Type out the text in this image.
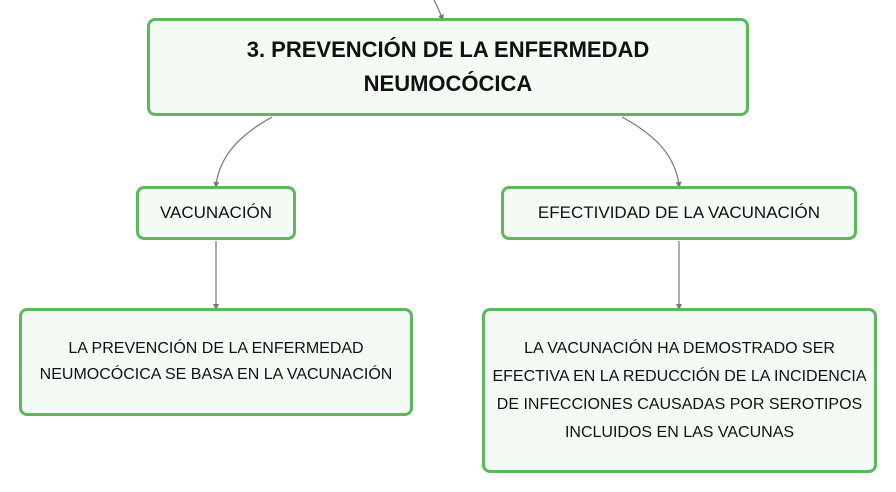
3. PREVENCIÓN DE LA ENFERMEDAD NEUMOCÓCICA
VACUNACIÓN	EFECTIVIDAD DE LA VACUNACIÓN
LA PREVENCIÓN DE LA ENFERMEDAD NEUMOCÓCICA SE BASA EN LA VACUNACIÓN
LA VACUNACIÓN HA DEMOSTRADO SER EFECTIVA EN LA REDUCCIÓN DE LA INCIDENCIA DE INFECCIONES CAUSADAS POR SEROTIPOS INCLUIDOS EN LAS VACUNAS
